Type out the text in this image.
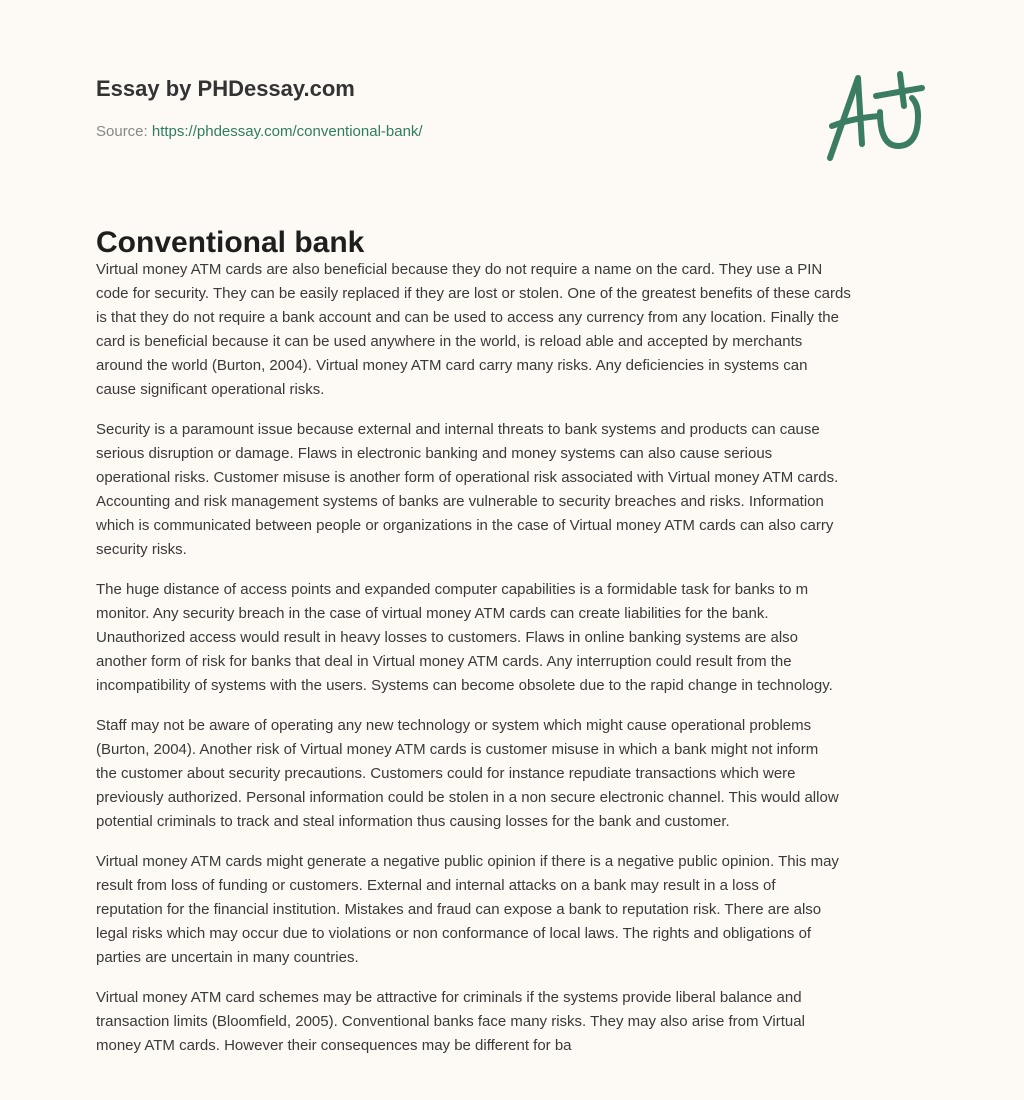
Essay by PHDessay.com
Source: https://phdessay.com/conventional-bank/
Conventional bank

Virtual money ATM cards are also beneficial because they do not require a name on the card. They use a PIN
code for security. They can be easily replaced if they are lost or stolen. One of the greatest benefits of these cards
is that they do not require a bank account and can be used to access any currency from any location. Finally the
card is beneficial because it can be used anywhere in the world, is reload able and accepted by merchants
around the world (Burton, 2004). Virtual money ATM card carry many risks. Any deficiencies in systems can
cause significant operational risks.

Security is a paramount issue because external and internal threats to bank systems and products can cause
serious disruption or damage. Flaws in electronic banking and money systems can also cause serious
operational risks. Customer misuse is another form of operational risk associated with Virtual money ATM cards.
Accounting and risk management systems of banks are vulnerable to security breaches and risks. Information
which is communicated between people or organizations in the case of Virtual money ATM cards can also carry
security risks.

The huge distance of access points and expanded computer capabilities is a formidable task for banks to m
monitor. Any security breach in the case of virtual money ATM cards can create liabilities for the bank.
Unauthorized access would result in heavy losses to customers. Flaws in online banking systems are also
another form of risk for banks that deal in Virtual money ATM cards. Any interruption could result from the
incompatibility of systems with the users. Systems can become obsolete due to the rapid change in technology.

Staff may not be aware of operating any new technology or system which might cause operational problems
(Burton, 2004). Another risk of Virtual money ATM cards is customer misuse in which a bank might not inform
the customer about security precautions. Customers could for instance repudiate transactions which were
previously authorized. Personal information could be stolen in a non secure electronic channel. This would allow
potential criminals to track and steal information thus causing losses for the bank and customer.

Virtual money ATM cards might generate a negative public opinion if there is a negative public opinion. This may
result from loss of funding or customers. External and internal attacks on a bank may result in a loss of
reputation for the financial institution. Mistakes and fraud can expose a bank to reputation risk. There are also
legal risks which may occur due to violations or non conformance of local laws. The rights and obligations of
parties are uncertain in many countries.

Virtual money ATM card schemes may be attractive for criminals if the systems provide liberal balance and
transaction limits (Bloomfield, 2005). Conventional banks face many risks. They may also arise from Virtual
money ATM cards. However their consequences may be different for ba
